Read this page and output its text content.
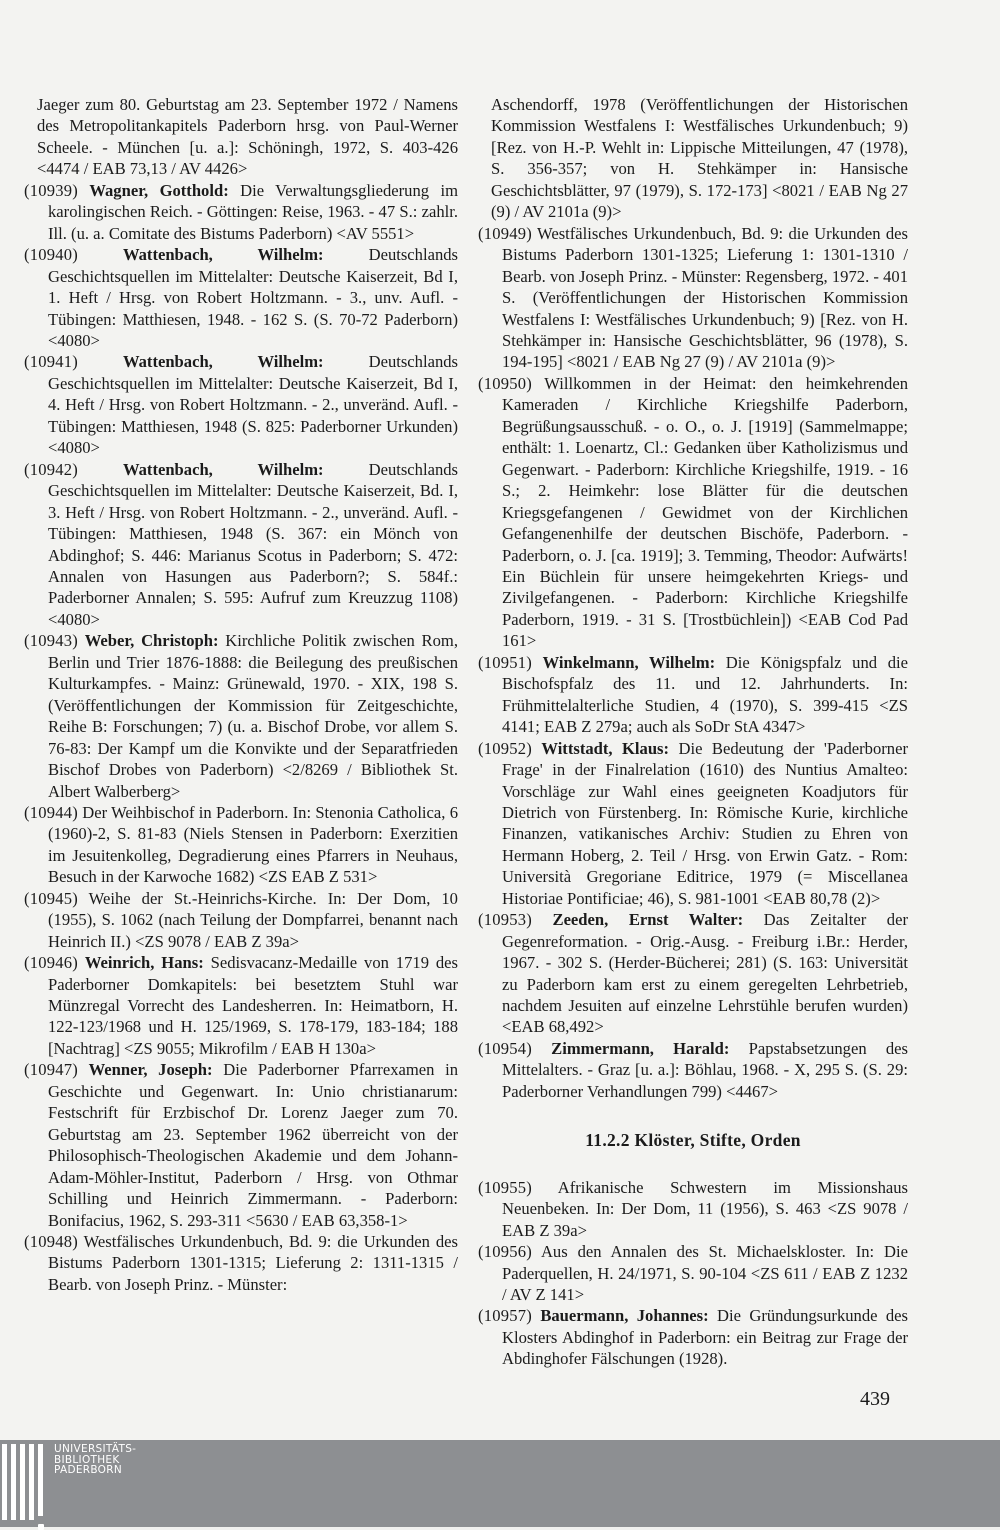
Jaeger zum 80. Geburtstag am 23. September 1972 / Namens des Metropolitankapitels Paderborn hrsg. von Paul-Werner Scheele. - München [u. a.]: Schöningh, 1972, S. 403-426 <4474 / EAB 73,13 / AV 4426>

(10939) Wagner, Gotthold: Die Verwaltungsgliederung im karolingischen Reich. - Göttingen: Reise, 1963. - 47 S.: zahlr. Ill. (u. a. Comitate des Bistums Paderborn) <AV 5551>

(10940)	Wattenbach, Wilhelm:	Deutschlands Geschichtsquellen im Mittelalter: Deutsche Kaiserzeit, Bd I, 1. Heft / Hrsg. von Robert Holtzmann. - 3., unv. Aufl. - Tübingen: Matthiesen, 1948. - 162 S. (S. 70-72 Paderborn) <4080>

(10941)	Wattenbach, Wilhelm:	Deutschlands Geschichtsquellen im Mittelalter: Deutsche Kaiserzeit, Bd I, 4. Heft / Hrsg. von Robert Holtzmann. - 2., unveränd. Aufl. - Tübingen: Matthiesen, 1948 (S. 825: Paderborner Urkunden) <4080>

(10942)	Wattenbach, Wilhelm:	Deutschlands Geschichtsquellen im Mittelalter: Deutsche Kaiserzeit, Bd. I, 3. Heft / Hrsg. von Robert Holtzmann. - 2., unveränd. Aufl. - Tübingen: Matthiesen, 1948 (S. 367: ein Mönch von Abdinghof; S. 446: Marianus Scotus in Paderborn; S. 472: Annalen von Hasungen aus Paderborn?; S. 584f.: Paderborner Annalen; S. 595: Aufruf zum Kreuzzug 1108) <4080>

(10943) Weber, Christoph: Kirchliche Politik zwischen Rom, Berlin und Trier 1876-1888: die Beilegung des preußischen Kulturkampfes. - Mainz: Grünewald, 1970. - XIX, 198 S. (Veröffentlichungen der Kommission für Zeitgeschichte, Reihe B: Forschungen; 7) (u. a. Bischof Drobe, vor allem S. 76-83: Der Kampf um die Konvikte und der Separatfrieden Bischof Drobes von Paderborn) <2/8269 / Bibliothek St. Albert Walberberg>

(10944) Der Weihbischof in Paderborn. In: Stenonia Catholica, 6 (1960)-2, S. 81-83 (Niels Stensen in Paderborn: Exerzitien im Jesuitenkolleg, Degradierung eines Pfarrers in Neuhaus, Besuch in der Karwoche 1682) <ZS EAB Z 531>

(10945) Weihe der St.-Heinrichs-Kirche. In: Der Dom, 10 (1955), S. 1062 (nach Teilung der Dompfarrei, benannt nach Heinrich II.) <ZS 9078 / EAB Z 39a>

(10946) Weinrich, Hans: Sedisvacanz-Medaille von 1719 des Paderborner Domkapitels: bei besetztem Stuhl war Münzregal Vorrecht des Landesherren. In: Heimatborn, H. 122-123/1968 und H. 125/1969, S. 178-179, 183-184; 188 [Nachtrag] <ZS 9055; Mikrofilm / EAB H 130a>

(10947) Wenner, Joseph: Die Paderborner Pfarrexamen in Geschichte und Gegenwart. In: Unio christianarum: Festschrift für Erzbischof Dr. Lorenz Jaeger zum 70. Geburtstag am 23. September 1962 überreicht von der Philosophisch-Theologischen Akademie und dem Johann-Adam-Möhler-Institut, Paderborn / Hrsg. von Othmar Schilling und Heinrich Zimmermann. - Paderborn: Bonifacius, 1962, S. 293-311 <5630 / EAB 63,358-1>

(10948) Westfälisches Urkundenbuch, Bd. 9: die Urkunden des Bistums Paderborn 1301-1315; Lieferung 2: 1311-1315 / Bearb. von Joseph Prinz. - Münster:

Aschendorff, 1978 (Veröffentlichungen der Historischen Kommission Westfalens I: Westfälisches Urkundenbuch; 9) [Rez. von H.-P. Wehlt in: Lippische Mitteilungen, 47 (1978), S. 356-357; von H. Stehkämper in: Hansische Geschichtsblätter, 97 (1979), S. 172-173] <8021 / EAB Ng 27 (9) / AV 2101a (9)>

(10949) Westfälisches Urkundenbuch, Bd. 9: die Urkunden des Bistums Paderborn 1301-1325; Lieferung 1: 1301-1310 / Bearb. von Joseph Prinz. - Münster: Regensberg, 1972. - 401 S. (Veröffentlichungen der Historischen Kommission Westfalens I: Westfälisches Urkundenbuch; 9) [Rez. von H. Stehkämper in: Hansische Geschichtsblätter, 96 (1978), S. 194-195] <8021 / EAB Ng 27 (9) / AV 2101a (9)>

(10950) Willkommen in der Heimat: den heimkehrenden Kameraden / Kirchliche Kriegshilfe Paderborn, Begrüßungsausschuß. - o. O., o. J. [1919] (Sammelmappe; enthält: 1. Loenartz, Cl.: Gedanken über Katholizismus und Gegenwart. - Paderborn: Kirchliche Kriegshilfe, 1919. - 16 S.; 2. Heimkehr: lose Blätter für die deutschen Kriegsgefangenen / Gewidmet von der Kirchlichen Gefangenenhilfe der deutschen Bischöfe, Paderborn. - Paderborn, o. J. [ca. 1919]; 3. Temming, Theodor: Aufwärts! Ein Büchlein für unsere heimgekehrten Kriegs- und Zivilgefangenen. - Paderborn: Kirchliche Kriegshilfe Paderborn, 1919. - 31 S. [Trostbüchlein]) <EAB Cod Pad 161>

(10951) Winkelmann, Wilhelm: Die Königspfalz und die Bischofspfalz des 11. und 12. Jahrhunderts. In: Frühmittelalterliche Studien, 4 (1970), S. 399-415 <ZS 4141; EAB Z 279a; auch als SoDr StA 4347>

(10952) Wittstadt, Klaus: Die Bedeutung der 'Paderborner Frage' in der Finalrelation (1610) des Nuntius Amalteo: Vorschläge zur Wahl eines geeigneten Koadjutors für Dietrich von Fürstenberg. In: Römische Kurie, kirchliche Finanzen, vatikanisches Archiv: Studien zu Ehren von Hermann Hoberg, 2. Teil / Hrsg. von Erwin Gatz. - Rom: Università Gregoriane Editrice, 1979 (= Miscellanea Historiae Pontificiae; 46), S. 981-1001 <EAB 80,78 (2)>

(10953) Zeeden, Ernst Walter: Das Zeitalter der Gegenreformation. - Orig.-Ausg. - Freiburg i.Br.: Herder, 1967. - 302 S. (Herder-Bücherei; 281) (S. 163: Universität zu Paderborn kam erst zu einem geregelten Lehrbetrieb, nachdem Jesuiten auf einzelne Lehrstühle berufen wurden) <EAB 68,492>

(10954) Zimmermann, Harald: Papstabsetzungen des Mittelalters. - Graz [u. a.]: Böhlau, 1968. - X, 295 S. (S. 29: Paderborner Verhandlungen 799) <4467>

11.2.2 Klöster, Stifte, Orden

(10955) Afrikanische Schwestern im Missionshaus Neuenbeken. In: Der Dom, 11 (1956), S. 463 <ZS 9078 / EAB Z 39a>

(10956) Aus den Annalen des St. Michaelskloster. In: Die Paderquellen, H. 24/1971, S. 90-104 <ZS 611 / EAB Z 1232 / AV Z 141>

(10957) Bauermann, Johannes: Die Gründungsurkunde des Klosters Abdinghof in Paderborn: ein Beitrag zur Frage der Abdinghofer Fälschungen (1928).

439
UNIVERSITÄTS-
BIBLIOTHEK
PADERBORN
